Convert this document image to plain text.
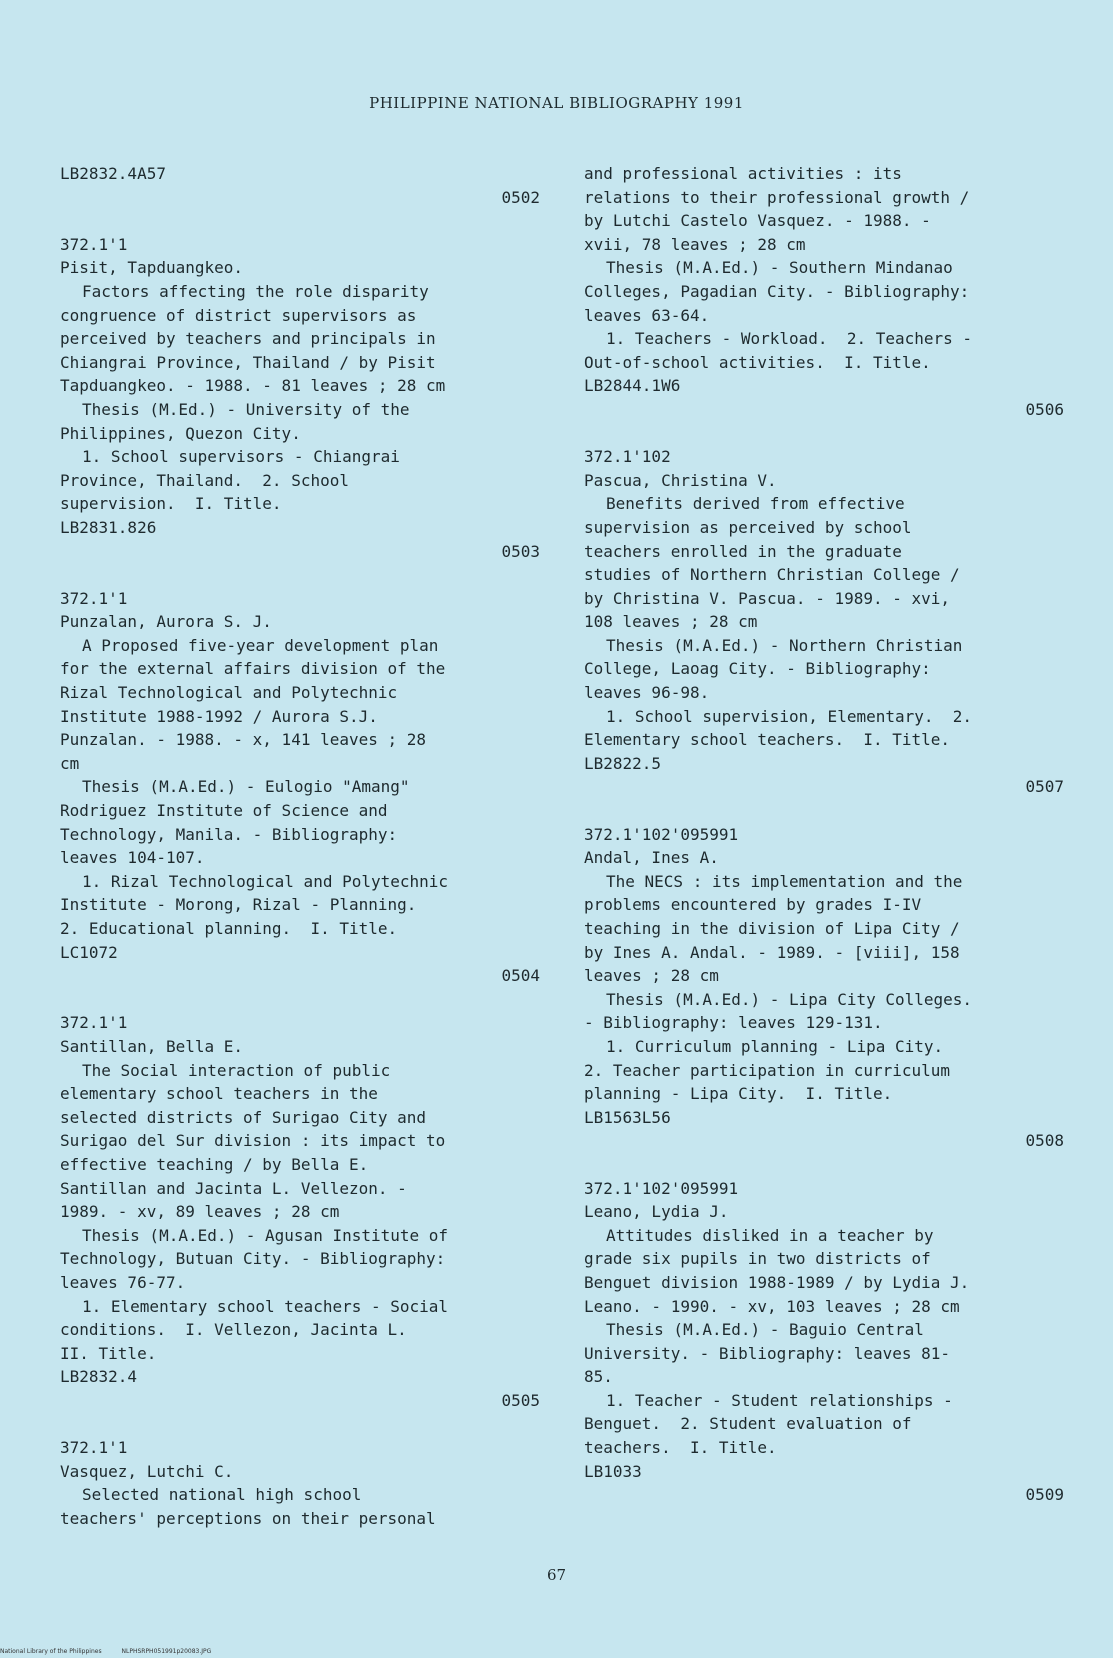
PHILIPPINE NATIONAL BIBLIOGRAPHY 1991
LB2832.4A57
0502
372.1'1
Pisit, Tapduangkeo.
Factors affecting the role disparity
congruence of district supervisors as
perceived by teachers and principals in
Chiangrai Province, Thailand / by Pisit
Tapduangkeo. - 1988. - 81 leaves ; 28 cm
Thesis (M.Ed.) - University of the
Philippines, Quezon City.
1. School supervisors - Chiangrai
Province, Thailand.  2. School
supervision.  I. Title.
LB2831.826
0503
372.1'1
Punzalan, Aurora S. J.
A Proposed five-year development plan
for the external affairs division of the
Rizal Technological and Polytechnic
Institute 1988-1992 / Aurora S.J.
Punzalan. - 1988. - x, 141 leaves ; 28
cm
Thesis (M.A.Ed.) - Eulogio "Amang"
Rodriguez Institute of Science and
Technology, Manila. - Bibliography:
leaves 104-107.
1. Rizal Technological and Polytechnic
Institute - Morong, Rizal - Planning.
2. Educational planning.  I. Title.
LC1072
0504
372.1'1
Santillan, Bella E.
The Social interaction of public
elementary school teachers in the
selected districts of Surigao City and
Surigao del Sur division : its impact to
effective teaching / by Bella E.
Santillan and Jacinta L. Vellezon. -
1989. - xv, 89 leaves ; 28 cm
Thesis (M.A.Ed.) - Agusan Institute of
Technology, Butuan City. - Bibliography:
leaves 76-77.
1. Elementary school teachers - Social
conditions.  I. Vellezon, Jacinta L.
II. Title.
LB2832.4
0505
372.1'1
Vasquez, Lutchi C.
Selected national high school
teachers' perceptions on their personal
and professional activities : its
relations to their professional growth /
by Lutchi Castelo Vasquez. - 1988. -
xvii, 78 leaves ; 28 cm
Thesis (M.A.Ed.) - Southern Mindanao
Colleges, Pagadian City. - Bibliography:
leaves 63-64.
1. Teachers - Workload.  2. Teachers -
Out-of-school activities.  I. Title.
LB2844.1W6
0506
372.1'102
Pascua, Christina V.
Benefits derived from effective
supervision as perceived by school
teachers enrolled in the graduate
studies of Northern Christian College /
by Christina V. Pascua. - 1989. - xvi,
108 leaves ; 28 cm
Thesis (M.A.Ed.) - Northern Christian
College, Laoag City. - Bibliography:
leaves 96-98.
1. School supervision, Elementary.  2.
Elementary school teachers.  I. Title.
LB2822.5
0507
372.1'102'095991
Andal, Ines A.
The NECS : its implementation and the
problems encountered by grades I-IV
teaching in the division of Lipa City /
by Ines A. Andal. - 1989. - [viii], 158
leaves ; 28 cm
Thesis (M.A.Ed.) - Lipa City Colleges.
- Bibliography: leaves 129-131.
1. Curriculum planning - Lipa City.
2. Teacher participation in curriculum
planning - Lipa City.  I. Title.
LB1563L56
0508
372.1'102'095991
Leano, Lydia J.
Attitudes disliked in a teacher by
grade six pupils in two districts of
Benguet division 1988-1989 / by Lydia J.
Leano. - 1990. - xv, 103 leaves ; 28 cm
Thesis (M.A.Ed.) - Baguio Central
University. - Bibliography: leaves 81-
85.
1. Teacher - Student relationships -
Benguet.  2. Student evaluation of
teachers.  I. Title.
LB1033
0509
67
National Library of the Philippines	NLPHSRPH051991p20083.JPG
